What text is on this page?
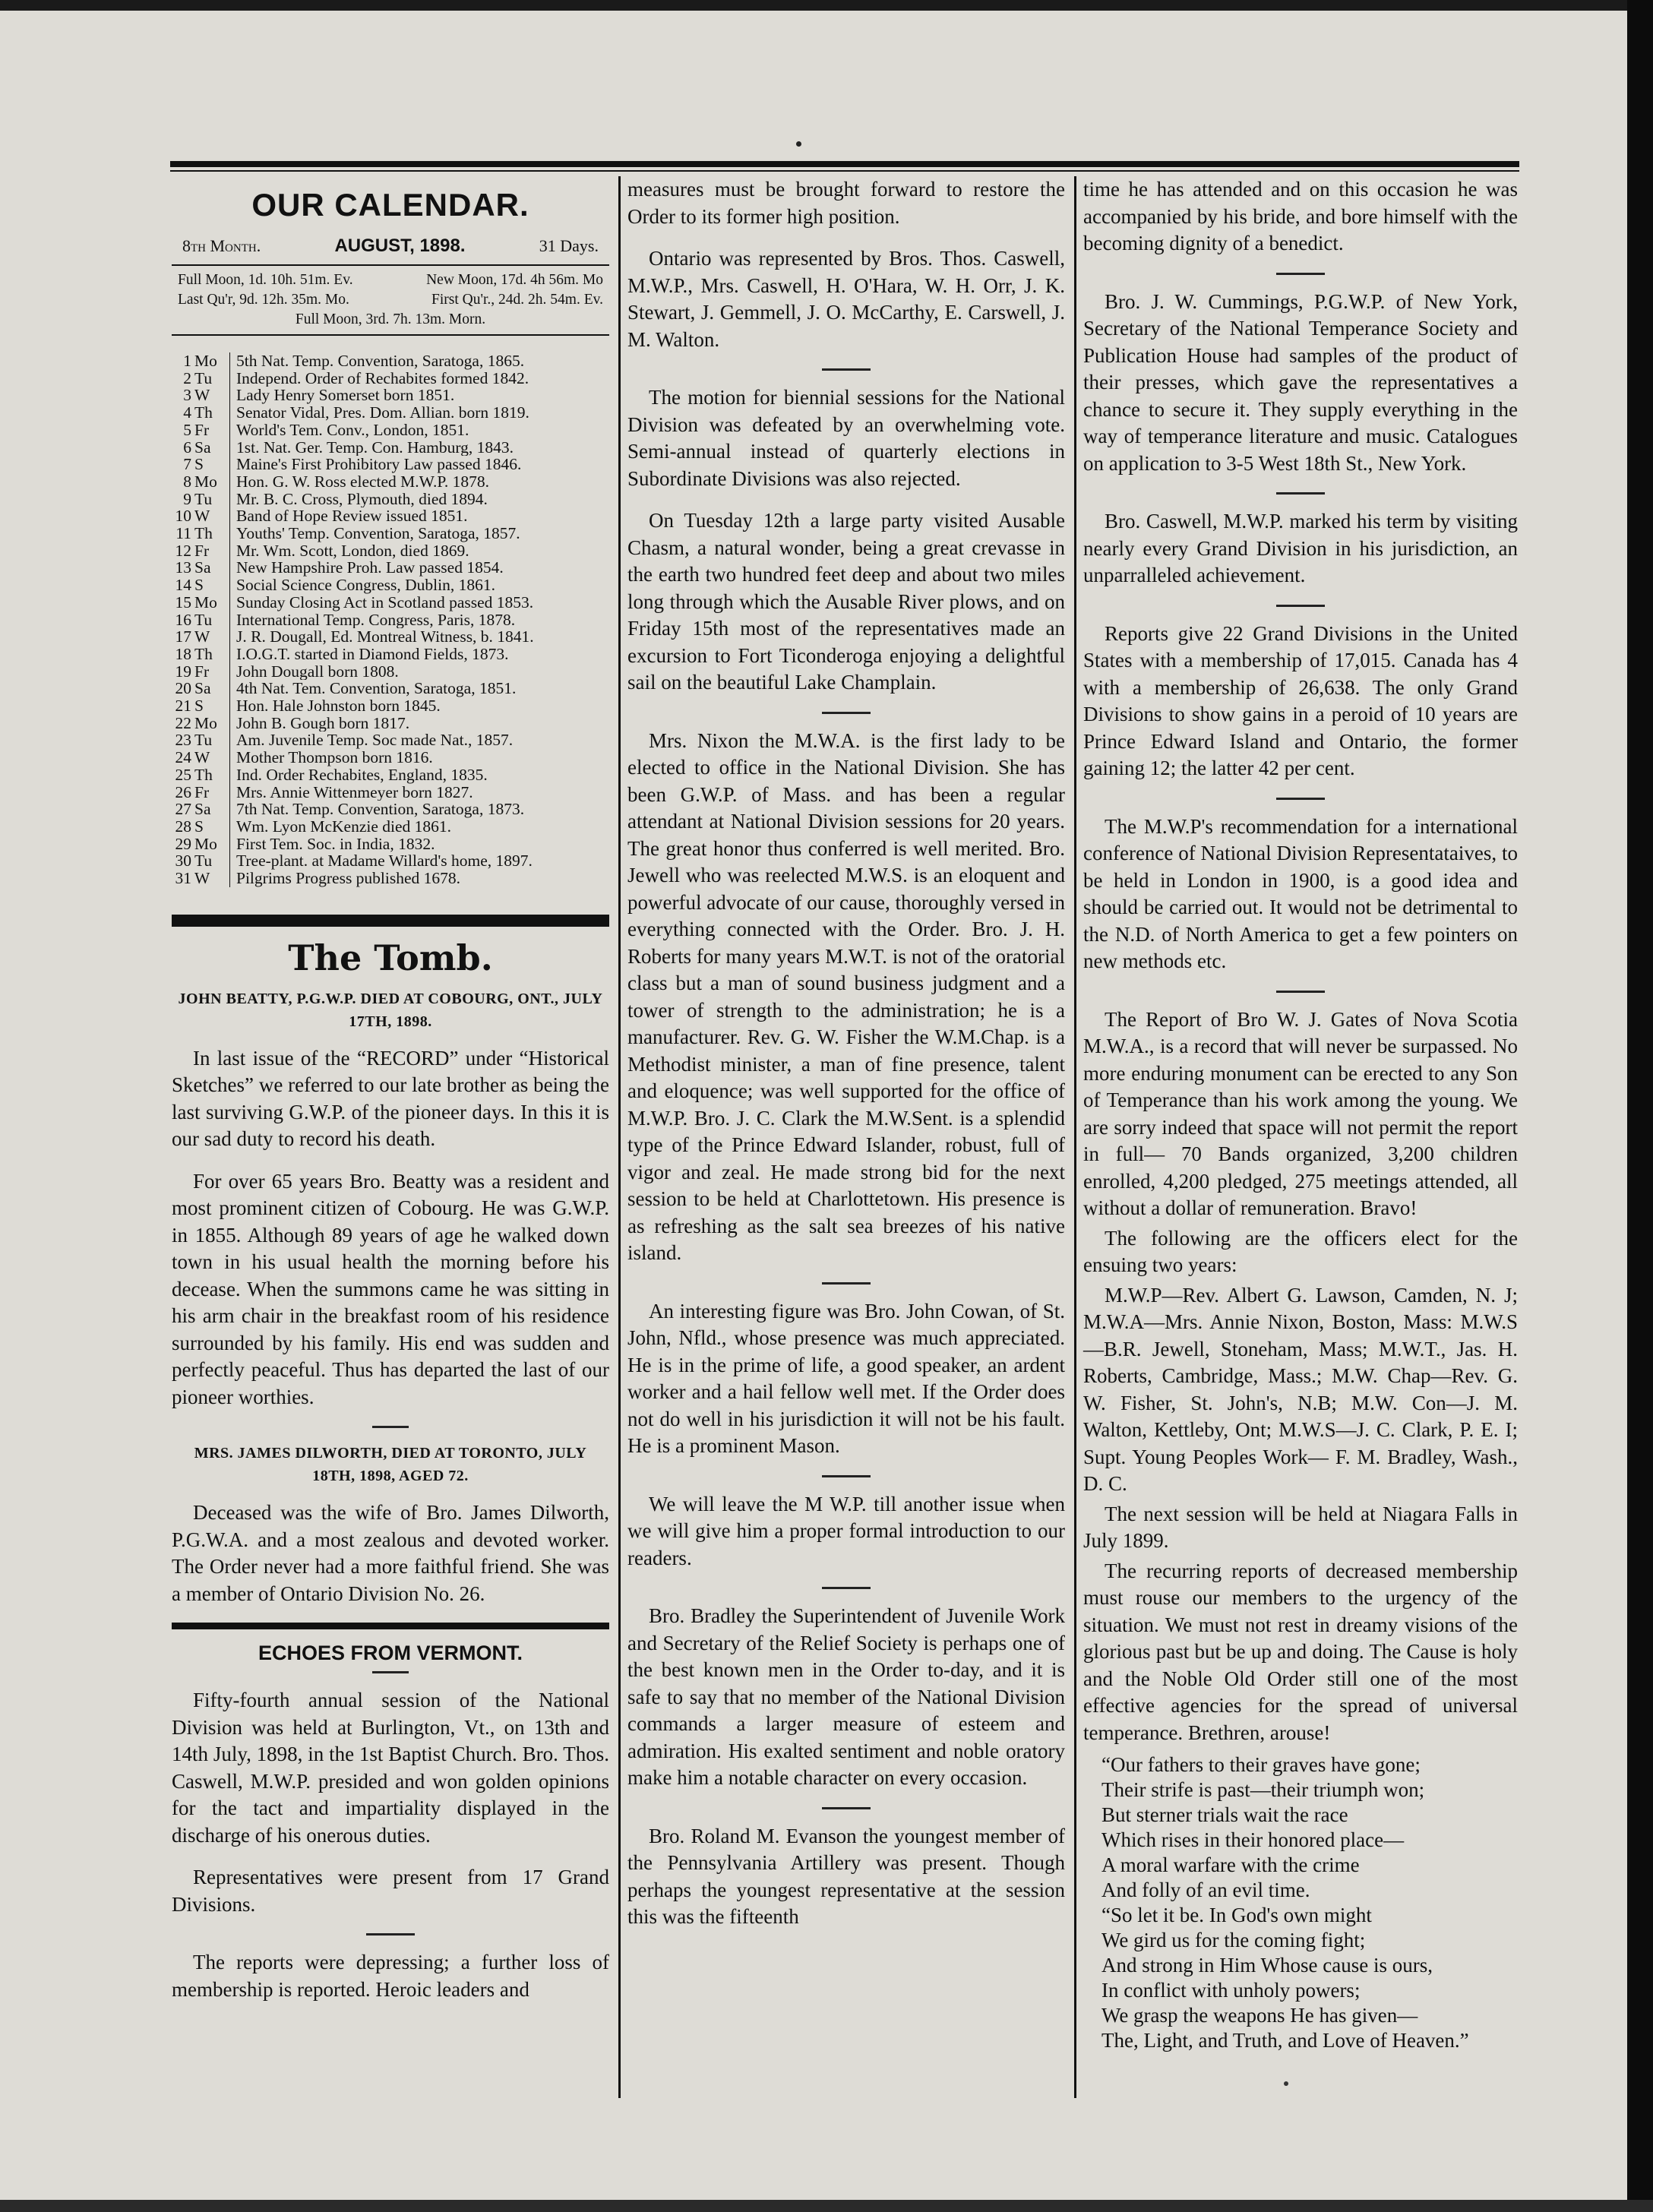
OUR CALENDAR.
8th Month.	AUGUST, 1898.	31 Days.
Full Moon, 1d. 10h. 51m. Ev.	New Moon, 17d. 4h 56m. Mo
Last Qu'r, 9d. 12h. 35m. Mo.	First Qu'r., 24d. 2h. 54m. Ev.
Full Moon, 3rd. 7h. 13m. Morn.
1 Mo	5th Nat. Temp. Convention, Saratoga, 1865.
2 Tu	Independ. Order of Rechabites formed 1842.
3 W	Lady Henry Somerset born 1851.
4 Th	Senator Vidal, Pres. Dom. Allian. born 1819.
5 Fr	World's Tem. Conv., London, 1851.
6 Sa	1st. Nat. Ger. Temp. Con. Hamburg, 1843.
7 S	Maine's First Prohibitory Law passed 1846.
8 Mo	Hon. G. W. Ross elected M.W.P. 1878.
9 Tu	Mr. B. C. Cross, Plymouth, died 1894.
10 W	Band of Hope Review issued 1851.
11 Th	Youths' Temp. Convention, Saratoga, 1857.
12 Fr	Mr. Wm. Scott, London, died 1869.
13 Sa	New Hampshire Proh. Law passed 1854.
14 S	Social Science Congress, Dublin, 1861.
15 Mo	Sunday Closing Act in Scotland passed 1853.
16 Tu	International Temp. Congress, Paris, 1878.
17 W	J. R. Dougall, Ed. Montreal Witness, b. 1841.
18 Th	I.O.G.T. started in Diamond Fields, 1873.
19 Fr	John Dougall born 1808.
20 Sa	4th Nat. Tem. Convention, Saratoga, 1851.
21 S	Hon. Hale Johnston born 1845.
22 Mo	John B. Gough born 1817.
23 Tu	Am. Juvenile Temp. Soc made Nat., 1857.
24 W	Mother Thompson born 1816.
25 Th	Ind. Order Rechabites, England, 1835.
26 Fr	Mrs. Annie Wittenmeyer born 1827.
27 Sa	7th Nat. Temp. Convention, Saratoga, 1873.
28 S	Wm. Lyon McKenzie died 1861.
29 Mo	First Tem. Soc. in India, 1832.
30 Tu	Tree-plant. at Madame Willard's home, 1897.
31 W	Pilgrims Progress published 1678.
The Tomb.
JOHN BEATTY, P.G.W.P. DIED AT COBOURG, ONT., JULY 17TH, 1898.

In last issue of the “RECORD” under “Historical Sketches” we referred to our late brother as being the last surviving G.W.P. of the pioneer days. In this it is our sad duty to record his death.

For over 65 years Bro. Beatty was a resident and most prominent citizen of Cobourg. He was G.W.P. in 1855. Although 89 years of age he walked down town in his usual health the morning before his decease. When the summons came he was sitting in his arm chair in the breakfast room of his residence surrounded by his family. His end was sudden and perfectly peaceful. Thus has departed the last of our pioneer worthies.

MRS. JAMES DILWORTH, DIED AT TORONTO, JULY 18TH, 1898, AGED 72.

Deceased was the wife of Bro. James Dilworth, P.G.W.A. and a most zealous and devoted worker. The Order never had a more faithful friend. She was a member of Ontario Division No. 26.

ECHOES FROM VERMONT.

Fifty-fourth annual session of the National Division was held at Burlington, Vt., on 13th and 14th July, 1898, in the 1st Baptist Church. Bro. Thos. Caswell, M.W.P. presided and won golden opinions for the tact and impartiality displayed in the discharge of his onerous duties.

Representatives were present from 17 Grand Divisions.

The reports were depressing; a further loss of membership is reported. Heroic leaders and

measures must be brought forward to restore the Order to its former high position.

Ontario was represented by Bros. Thos. Caswell, M.W.P., Mrs. Caswell, H. O'Hara, W. H. Orr, J. K. Stewart, J. Gemmell, J. O. McCarthy, E. Carswell, J. M. Walton.

The motion for biennial sessions for the National Division was defeated by an overwhelming vote. Semi-annual instead of quarterly elections in Subordinate Divisions was also rejected.

On Tuesday 12th a large party visited Ausable Chasm, a natural wonder, being a great crevasse in the earth two hundred feet deep and about two miles long through which the Ausable River plows, and on Friday 15th most of the representatives made an excursion to Fort Ticonderoga enjoying a delightful sail on the beautiful Lake Champlain.

Mrs. Nixon the M.W.A. is the first lady to be elected to office in the National Division. She has been G.W.P. of Mass. and has been a regular attendant at National Division sessions for 20 years. The great honor thus conferred is well merited. Bro. Jewell who was reelected M.W.S. is an eloquent and powerful advocate of our cause, thoroughly versed in everything connected with the Order. Bro. J. H. Roberts for many years M.W.T. is not of the oratorial class but a man of sound business judgment and a tower of strength to the administration; he is a manufacturer. Rev. G. W. Fisher the W.M.Chap. is a Methodist minister, a man of fine presence, talent and eloquence; was well supported for the office of M.W.P. Bro. J. C. Clark the M.W.Sent. is a splendid type of the Prince Edward Islander, robust, full of vigor and zeal. He made strong bid for the next session to be held at Charlottetown. His presence is as refreshing as the salt sea breezes of his native island.

An interesting figure was Bro. John Cowan, of St. John, Nfld., whose presence was much appreciated. He is in the prime of life, a good speaker, an ardent worker and a hail fellow well met. If the Order does not do well in his jurisdiction it will not be his fault. He is a prominent Mason.

We will leave the M W.P. till another issue when we will give him a proper formal introduction to our readers.

Bro. Bradley the Superintendent of Juvenile Work and Secretary of the Relief Society is perhaps one of the best known men in the Order to-day, and it is safe to say that no member of the National Division commands a larger measure of esteem and admiration. His exalted sentiment and noble oratory make him a notable character on every occasion.

Bro. Roland M. Evanson the youngest member of the Pennsylvania Artillery was present. Though perhaps the youngest representative at the session this was the fifteenth

time he has attended and on this occasion he was accompanied by his bride, and bore himself with the becoming dignity of a benedict.

Bro. J. W. Cummings, P.G.W.P. of New York, Secretary of the National Temperance Society and Publication House had samples of the product of their presses, which gave the representatives a chance to secure it. They supply everything in the way of temperance literature and music. Catalogues on application to 3-5 West 18th St., New York.

Bro. Caswell, M.W.P. marked his term by visiting nearly every Grand Division in his jurisdiction, an unparralleled achievement.

Reports give 22 Grand Divisions in the United States with a membership of 17,015. Canada has 4 with a membership of 26,638. The only Grand Divisions to show gains in a peroid of 10 years are Prince Edward Island and Ontario, the former gaining 12; the latter 42 per cent.

The M.W.P's recommendation for a international conference of National Division Representataives, to be held in London in 1900, is a good idea and should be carried out. It would not be detrimental to the N.D. of North America to get a few pointers on new methods etc.

The Report of Bro W. J. Gates of Nova Scotia M.W.A., is a record that will never be surpassed. No more enduring monument can be erected to any Son of Temperance than his work among the young. We are sorry indeed that space will not permit the report in full— 70 Bands organized, 3,200 children enrolled, 4,200 pledged, 275 meetings attended, all without a dollar of remuneration. Bravo!

The following are the officers elect for the ensuing two years:

M.W.P—Rev. Albert G. Lawson, Camden, N. J; M.W.A—Mrs. Annie Nixon, Boston, Mass: M.W.S—B.R. Jewell, Stoneham, Mass; M.W.T., Jas. H. Roberts, Cambridge, Mass.; M.W. Chap—Rev. G. W. Fisher, St. John's, N.B; M.W. Con—J. M. Walton, Kettleby, Ont; M.W.S—J. C. Clark, P. E. I; Supt. Young Peoples Work— F. M. Bradley, Wash., D. C.

The next session will be held at Niagara Falls in July 1899.

The recurring reports of decreased membership must rouse our members to the urgency of the situation. We must not rest in dreamy visions of the glorious past but be up and doing. The Cause is holy and the Noble Old Order still one of the most effective agencies for the spread of universal temperance. Brethren, arouse!

“Our fathers to their graves have gone;
Their strife is past—their triumph won;
But sterner trials wait the race
Which rises in their honored place—
A moral warfare with the crime
And folly of an evil time.
“So let it be. In God's own might
We gird us for the coming fight;
And strong in Him Whose cause is ours,
In conflict with unholy powers;
We grasp the weapons He has given—
The, Light, and Truth, and Love of Heaven.”
